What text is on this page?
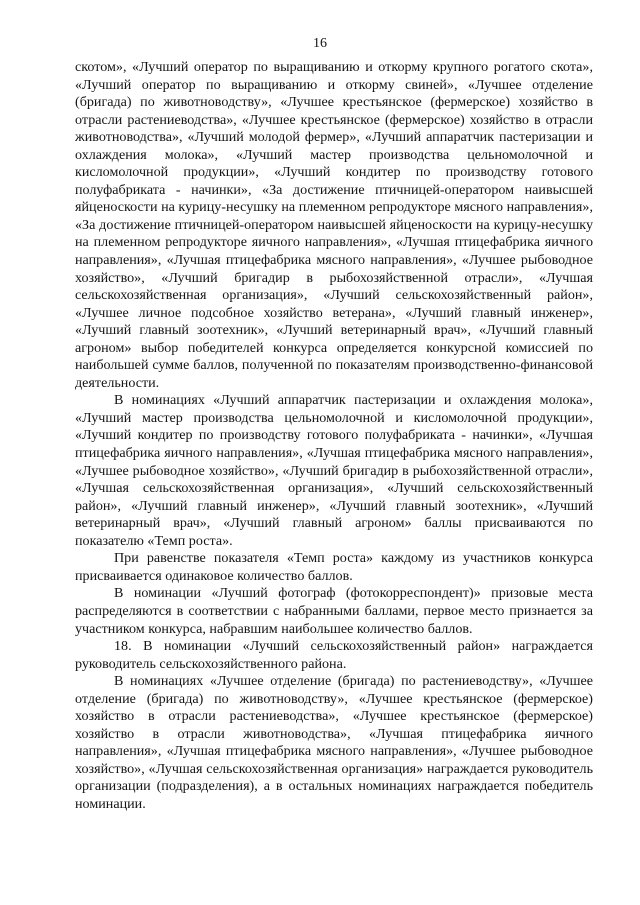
16

скотом», «Лучший оператор по выращиванию и откорму крупного рогатого скота», «Лучший оператор по выращиванию и откорму свиней», «Лучшее отделение (бригада) по животноводству», «Лучшее крестьянское (фермерское) хозяйство в отрасли растениеводства», «Лучшее крестьянское (фермерское) хозяйство в отрасли животноводства», «Лучший молодой фермер», «Лучший аппаратчик пастеризации и охлаждения молока», «Лучший мастер производства цельномолочной и кисломолочной продукции», «Лучший кондитер по производству готового полуфабриката - начинки», «За достижение птичницей-оператором наивысшей яйценоскости на курицу-несушку на племенном репродукторе мясного направления», «За достижение птичницей-оператором наивысшей яйценоскости на курицу-несушку на племенном репродукторе яичного направления», «Лучшая птицефабрика яичного направления», «Лучшая птицефабрика мясного направления», «Лучшее рыбоводное хозяйство», «Лучший бригадир в рыбохозяйственной отрасли», «Лучшая сельскохозяйственная организация», «Лучший сельскохозяйственный район», «Лучшее личное подсобное хозяйство ветерана», «Лучший главный инженер», «Лучший главный зоотехник», «Лучший ветеринарный врач», «Лучший главный агроном» выбор победителей конкурса определяется конкурсной комиссией по наибольшей сумме баллов, полученной по показателям производственно-финансовой деятельности.

В номинациях «Лучший аппаратчик пастеризации и охлаждения молока», «Лучший мастер производства цельномолочной и кисломолочной продукции», «Лучший кондитер по производству готового полуфабриката - начинки», «Лучшая птицефабрика яичного направления», «Лучшая птицефабрика мясного направления», «Лучшее рыбоводное хозяйство», «Лучший бригадир в рыбохозяйственной отрасли», «Лучшая сельскохозяйственная организация», «Лучший сельскохозяйственный район», «Лучший главный инженер», «Лучший главный зоотехник», «Лучший ветеринарный врач», «Лучший главный агроном» баллы присваиваются по показателю «Темп роста».

При равенстве показателя «Темп роста» каждому из участников конкурса присваивается одинаковое количество баллов.

В номинации «Лучший фотограф (фотокорреспондент)» призовые места распределяются в соответствии с набранными баллами, первое место признается за участником конкурса, набравшим наибольшее количество баллов.

18. В номинации «Лучший сельскохозяйственный район» награждается руководитель сельскохозяйственного района.

В номинациях «Лучшее отделение (бригада) по растениеводству», «Лучшее отделение (бригада) по животноводству», «Лучшее крестьянское (фермерское) хозяйство в отрасли растениеводства», «Лучшее крестьянское (фермерское) хозяйство в отрасли животноводства», «Лучшая птицефабрика яичного направления», «Лучшая птицефабрика мясного направления», «Лучшее рыбоводное хозяйство», «Лучшая сельскохозяйственная организация» награждается руководитель организации (подразделения), а в остальных номинациях награждается победитель номинации.
